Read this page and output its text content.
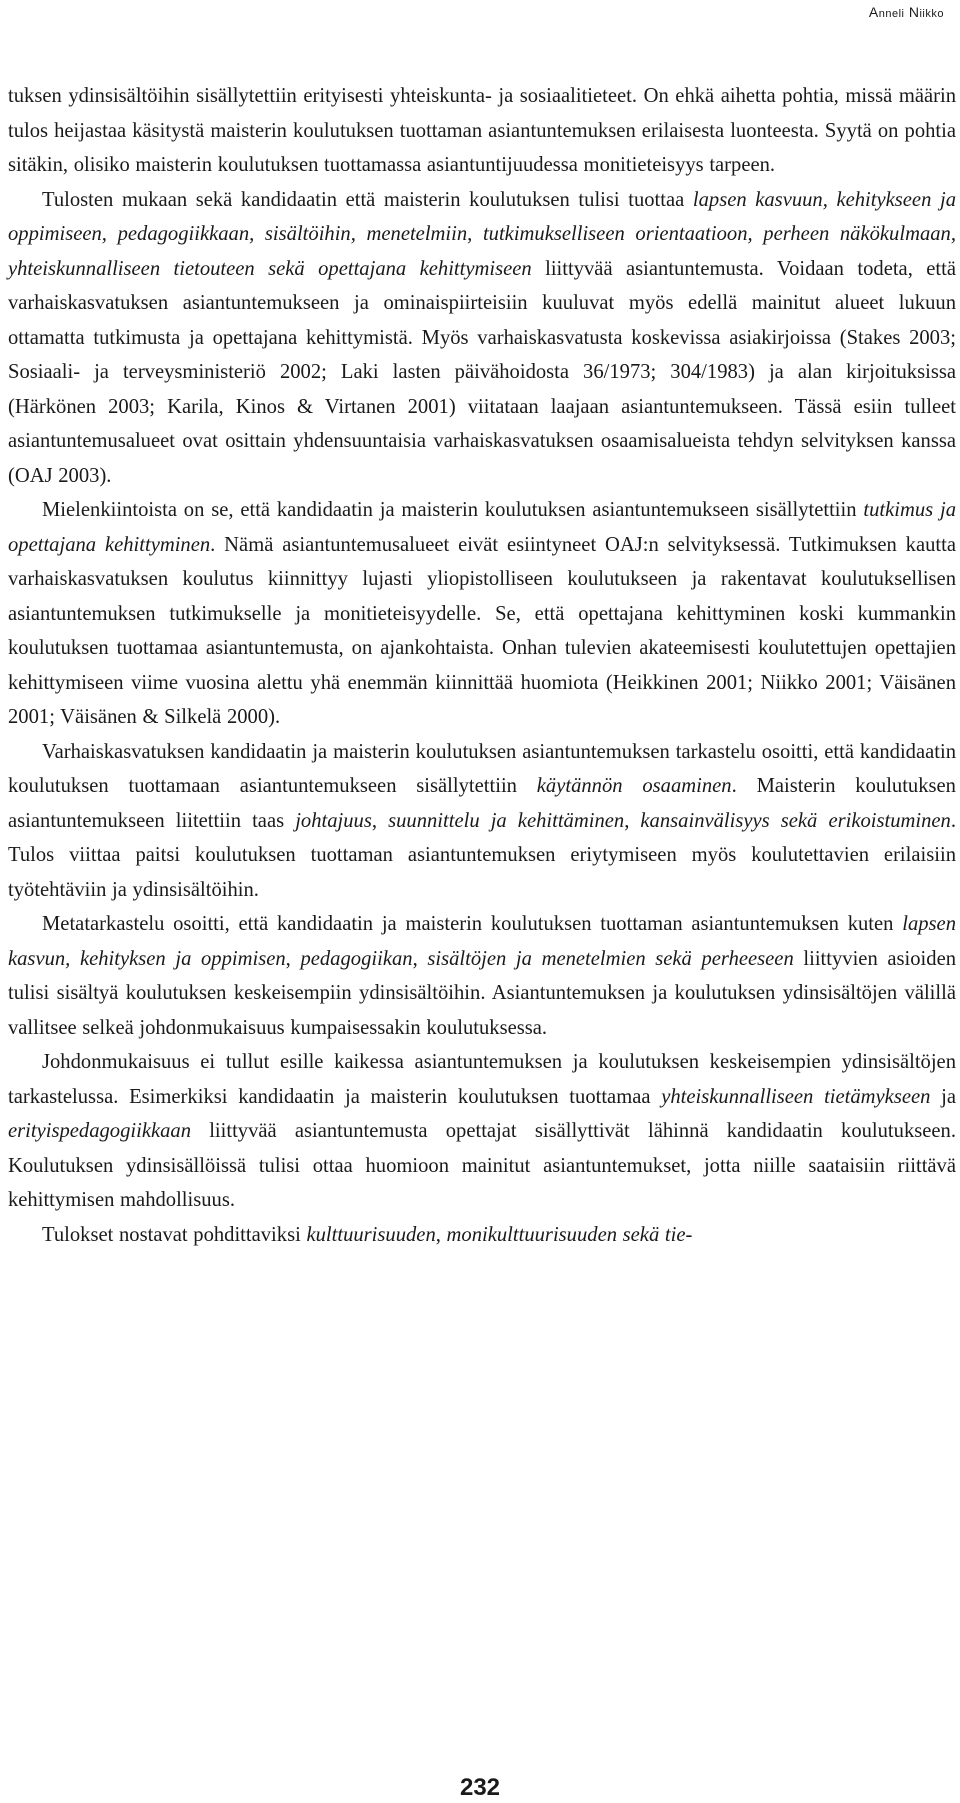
Anneli Niikko

tuksen ydinsisältöihin sisällytettiin erityisesti yhteiskunta- ja sosiaalitieteet. On ehkä aihetta pohtia, missä määrin tulos heijastaa käsitystä maisterin koulutuksen tuottaman asiantuntemuksen erilaisesta luonteesta. Syytä on pohtia sitäkin, olisiko maisterin koulutuksen tuottamassa asiantuntijuudessa monitieteisyys tarpeen.

Tulosten mukaan sekä kandidaatin että maisterin koulutuksen tulisi tuottaa lapsen kasvuun, kehitykseen ja oppimiseen, pedagogiikkaan, sisältöihin, menetelmiin, tutkimukselliseen orientaatioon, perheen näkökulmaan, yhteiskunnalliseen tietouteen sekä opettajana kehittymiseen liittyvää asiantuntemusta. Voidaan todeta, että varhaiskasvatuksen asiantuntemukseen ja ominaispiirteisiin kuuluvat myös edellä mainitut alueet lukuun ottamatta tutkimusta ja opettajana kehittymistä. Myös varhaiskasvatusta koskevissa asiakirjoissa (Stakes 2003; Sosiaali- ja terveysministeriö 2002; Laki lasten päivähoidosta 36/1973; 304/1983) ja alan kirjoituksissa (Härkönen 2003; Karila, Kinos & Virtanen 2001) viitataan laajaan asiantuntemukseen. Tässä esiin tulleet asiantuntemusalueet ovat osittain yhdensuuntaisia varhaiskasvatuksen osaamisalueista tehdyn selvityksen kanssa (OAJ 2003).

Mielenkiintoista on se, että kandidaatin ja maisterin koulutuksen asiantuntemukseen sisällytettiin tutkimus ja opettajana kehittyminen. Nämä asiantuntemusalueet eivät esiintyneet OAJ:n selvityksessä. Tutkimuksen kautta varhaiskasvatuksen koulutus kiinnittyy lujasti yliopistolliseen koulutukseen ja rakentavat koulutuksellisen asiantuntemuksen tutkimukselle ja monitieteisyydelle. Se, että opettajana kehittyminen koski kummankin koulutuksen tuottamaa asiantuntemusta, on ajankohtaista. Onhan tulevien akateemisesti koulutettujen opettajien kehittymiseen viime vuosina alettu yhä enemmän kiinnittää huomiota (Heikkinen 2001; Niikko 2001; Väisänen 2001; Väisänen & Silkelä 2000).

Varhaiskasvatuksen kandidaatin ja maisterin koulutuksen asiantuntemuksen tarkastelu osoitti, että kandidaatin koulutuksen tuottamaan asiantuntemukseen sisällytettiin käytännön osaaminen. Maisterin koulutuksen asiantuntemukseen liitettiin taas johtajuus, suunnittelu ja kehittäminen, kansainvälisyys sekä erikoistuminen. Tulos viittaa paitsi koulutuksen tuottaman asiantuntemuksen eriytymiseen myös koulutettavien erilaisiin työtehtäviin ja ydinsisältöihin.

Metatarkastelu osoitti, että kandidaatin ja maisterin koulutuksen tuottaman asiantuntemuksen kuten lapsen kasvun, kehityksen ja oppimisen, pedagogiikan, sisältöjen ja menetelmien sekä perheeseen liittyvien asioiden tulisi sisältyä koulutuksen keskeisempiin ydinsisältöihin. Asiantuntemuksen ja koulutuksen ydinsisältöjen välillä vallitsee selkeä johdonmukaisuus kumpaisessakin koulutuksessa.

Johdonmukaisuus ei tullut esille kaikessa asiantuntemuksen ja koulutuksen keskeisempien ydinsisältöjen tarkastelussa. Esimerkiksi kandidaatin ja maisterin koulutuksen tuottamaa yhteiskunnalliseen tietämykseen ja erityispedagogiikkaan liittyvää asiantuntemusta opettajat sisällyttivät lähinnä kandidaatin koulutukseen. Koulutuksen ydinsisällöissä tulisi ottaa huomioon mainitut asiantuntemukset, jotta niille saataisiin riittävä kehittymisen mahdollisuus.

Tulokset nostavat pohdittaviksi kulttuurisuuden, monikulttuurisuuden sekä tie-

232
